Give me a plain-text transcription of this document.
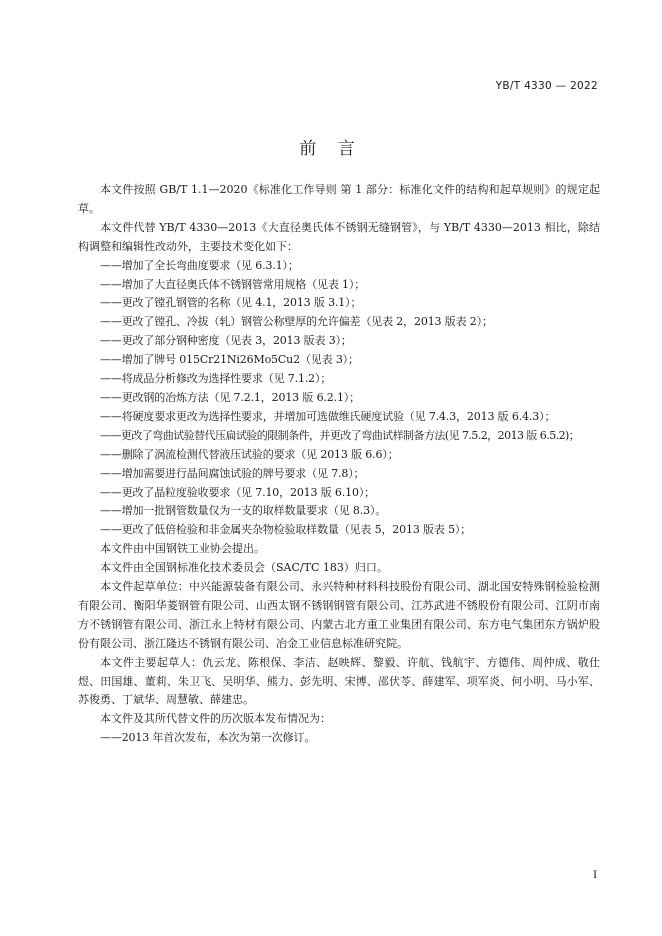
YB/T 4330 — 2022
前 言

本文件按照 GB/T 1.1—2020《标准化工作导则 第 1 部分：标准化文件的结构和起草规则》的规定起草。

本文件代替 YB/T 4330—2013《大直径奥氏体不锈钢无缝钢管》，与 YB/T 4330—2013 相比，除结构调整和编辑性改动外，主要技术变化如下：

——增加了全长弯曲度要求（见 6.3.1）；

——增加了大直径奥氏体不锈钢管常用规格（见表 1）；

——更改了镗孔钢管的名称（见 4.1，2013 版 3.1）；

——更改了镗孔、冷拔（轧）钢管公称壁厚的允许偏差（见表 2，2013 版表 2）；

——更改了部分钢种密度（见表 3，2013 版表 3）；

——增加了牌号 015Cr21Ni26Mo5Cu2（见表 3）；

——将成品分析修改为选择性要求（见 7.1.2）；

——更改钢的冶炼方法（见 7.2.1，2013 版 6.2.1）；

——将硬度要求更改为选择性要求，并增加可选做维氏硬度试验（见 7.4.3，2013 版 6.4.3）；

——更改了弯曲试验替代压扁试验的限制条件，并更改了弯曲试样制备方法(见 7.5.2，2013 版 6.5.2)；

——删除了涡流检测代替液压试验的要求（见 2013 版 6.6）；

——增加需要进行晶间腐蚀试验的牌号要求（见 7.8）；

——更改了晶粒度验收要求（见 7.10，2013 版 6.10）；

——增加一批钢管数量仅为一支的取样数量要求（见 8.3）。

——更改了低倍检验和非金属夹杂物检验取样数量（见表 5，2013 版表 5）；

本文件由中国钢铁工业协会提出。

本文件由全国钢标准化技术委员会（SAC/TC 183）归口。

本文件起草单位：中兴能源装备有限公司、永兴特种材料科技股份有限公司、湖北国安特殊钢检验检测有限公司、衡阳华菱钢管有限公司、山西太钢不锈钢钢管有限公司、江苏武进不锈股份有限公司、江阴市南方不锈钢管有限公司、浙江永上特材有限公司、内蒙古北方重工业集团有限公司、东方电气集团东方锅炉股份有限公司、浙江隆达不锈钢有限公司、冶金工业信息标准研究院。

本文件主要起草人：仇云龙、陈根保、李洁、赵映辉、黎毅、许航、钱航宇、方德伟、周仲成、敬仕煜、田国雄、董莉、朱卫飞、吴明华、熊力、彭先明、宋博、邵伏苓、薛建军、项军炎、何小明、马小军、苏俊勇、丁斌华、周慧敏、薛建忠。

本文件及其所代替文件的历次版本发布情况为：

——2013 年首次发布，本次为第一次修订。

I
